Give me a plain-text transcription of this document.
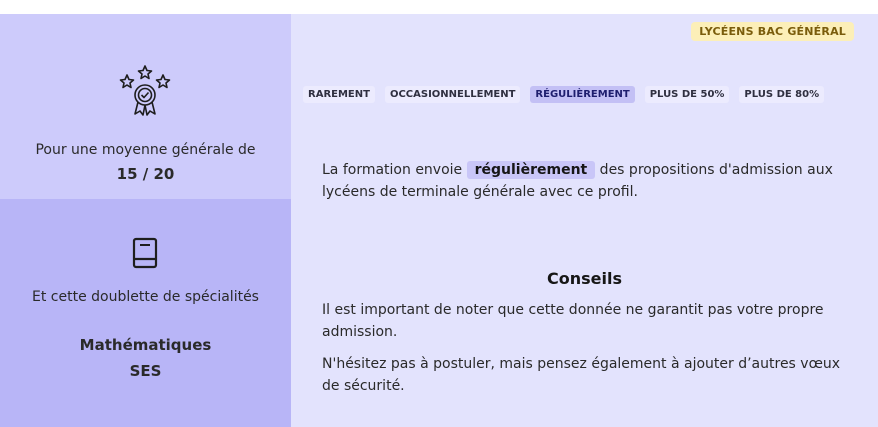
Pour une moyenne générale de
15 / 20
Et cette doublette de spécialités
Mathématiques
SES
LYCÉENS BAC GÉNÉRAL
RAREMENT	OCCASIONNELLEMENT	RÉGULIÈREMENT	PLUS DE 50%	PLUS DE 80%
La formation envoie régulièrement des propositions d'admission aux lycéens de terminale générale avec ce profil.
Conseils
Il est important de noter que cette donnée ne garantit pas votre propre admission.
N'hésitez pas à postuler, mais pensez également à ajouter d’autres vœux de sécurité.
